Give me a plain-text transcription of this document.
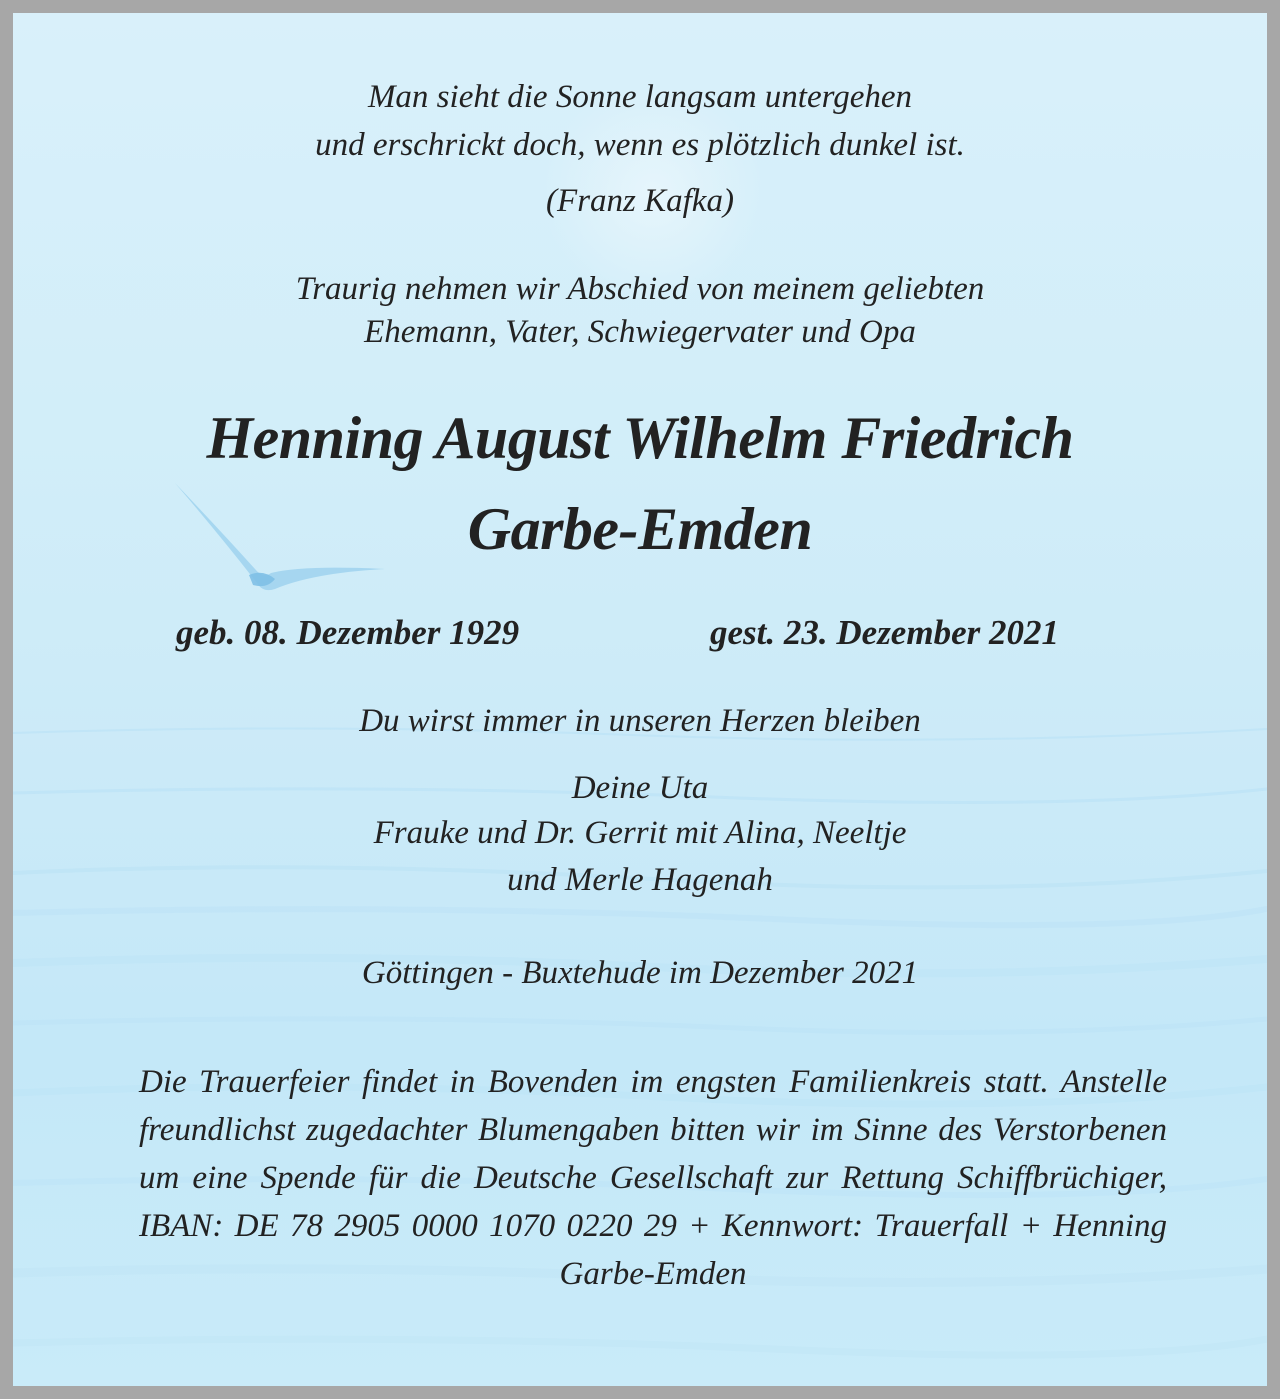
Man sieht die Sonne langsam untergehen
und erschrickt doch, wenn es plötzlich dunkel ist.
(Franz Kafka)
Traurig nehmen wir Abschied von meinem geliebten
Ehemann, Vater, Schwiegervater und Opa
Henning August Wilhelm Friedrich
Garbe-Emden
geb. 08. Dezember 1929	gest. 23. Dezember 2021
Du wirst immer in unseren Herzen bleiben
Deine Uta
Frauke und Dr. Gerrit mit Alina, Neeltje
und Merle Hagenah
Göttingen - Buxtehude im Dezember 2021
Die Trauerfeier findet in Bovenden im engsten Familienkreis statt. Anstelle freundlichst zugedachter Blumengaben bitten wir im Sinne des Verstorbenen um eine Spende für die Deutsche Gesellschaft zur Rettung Schiffbrüchiger, IBAN: DE 78 2905 0000 1070 0220 29 + Kennwort: Trauerfall + Henning Garbe-Emden
